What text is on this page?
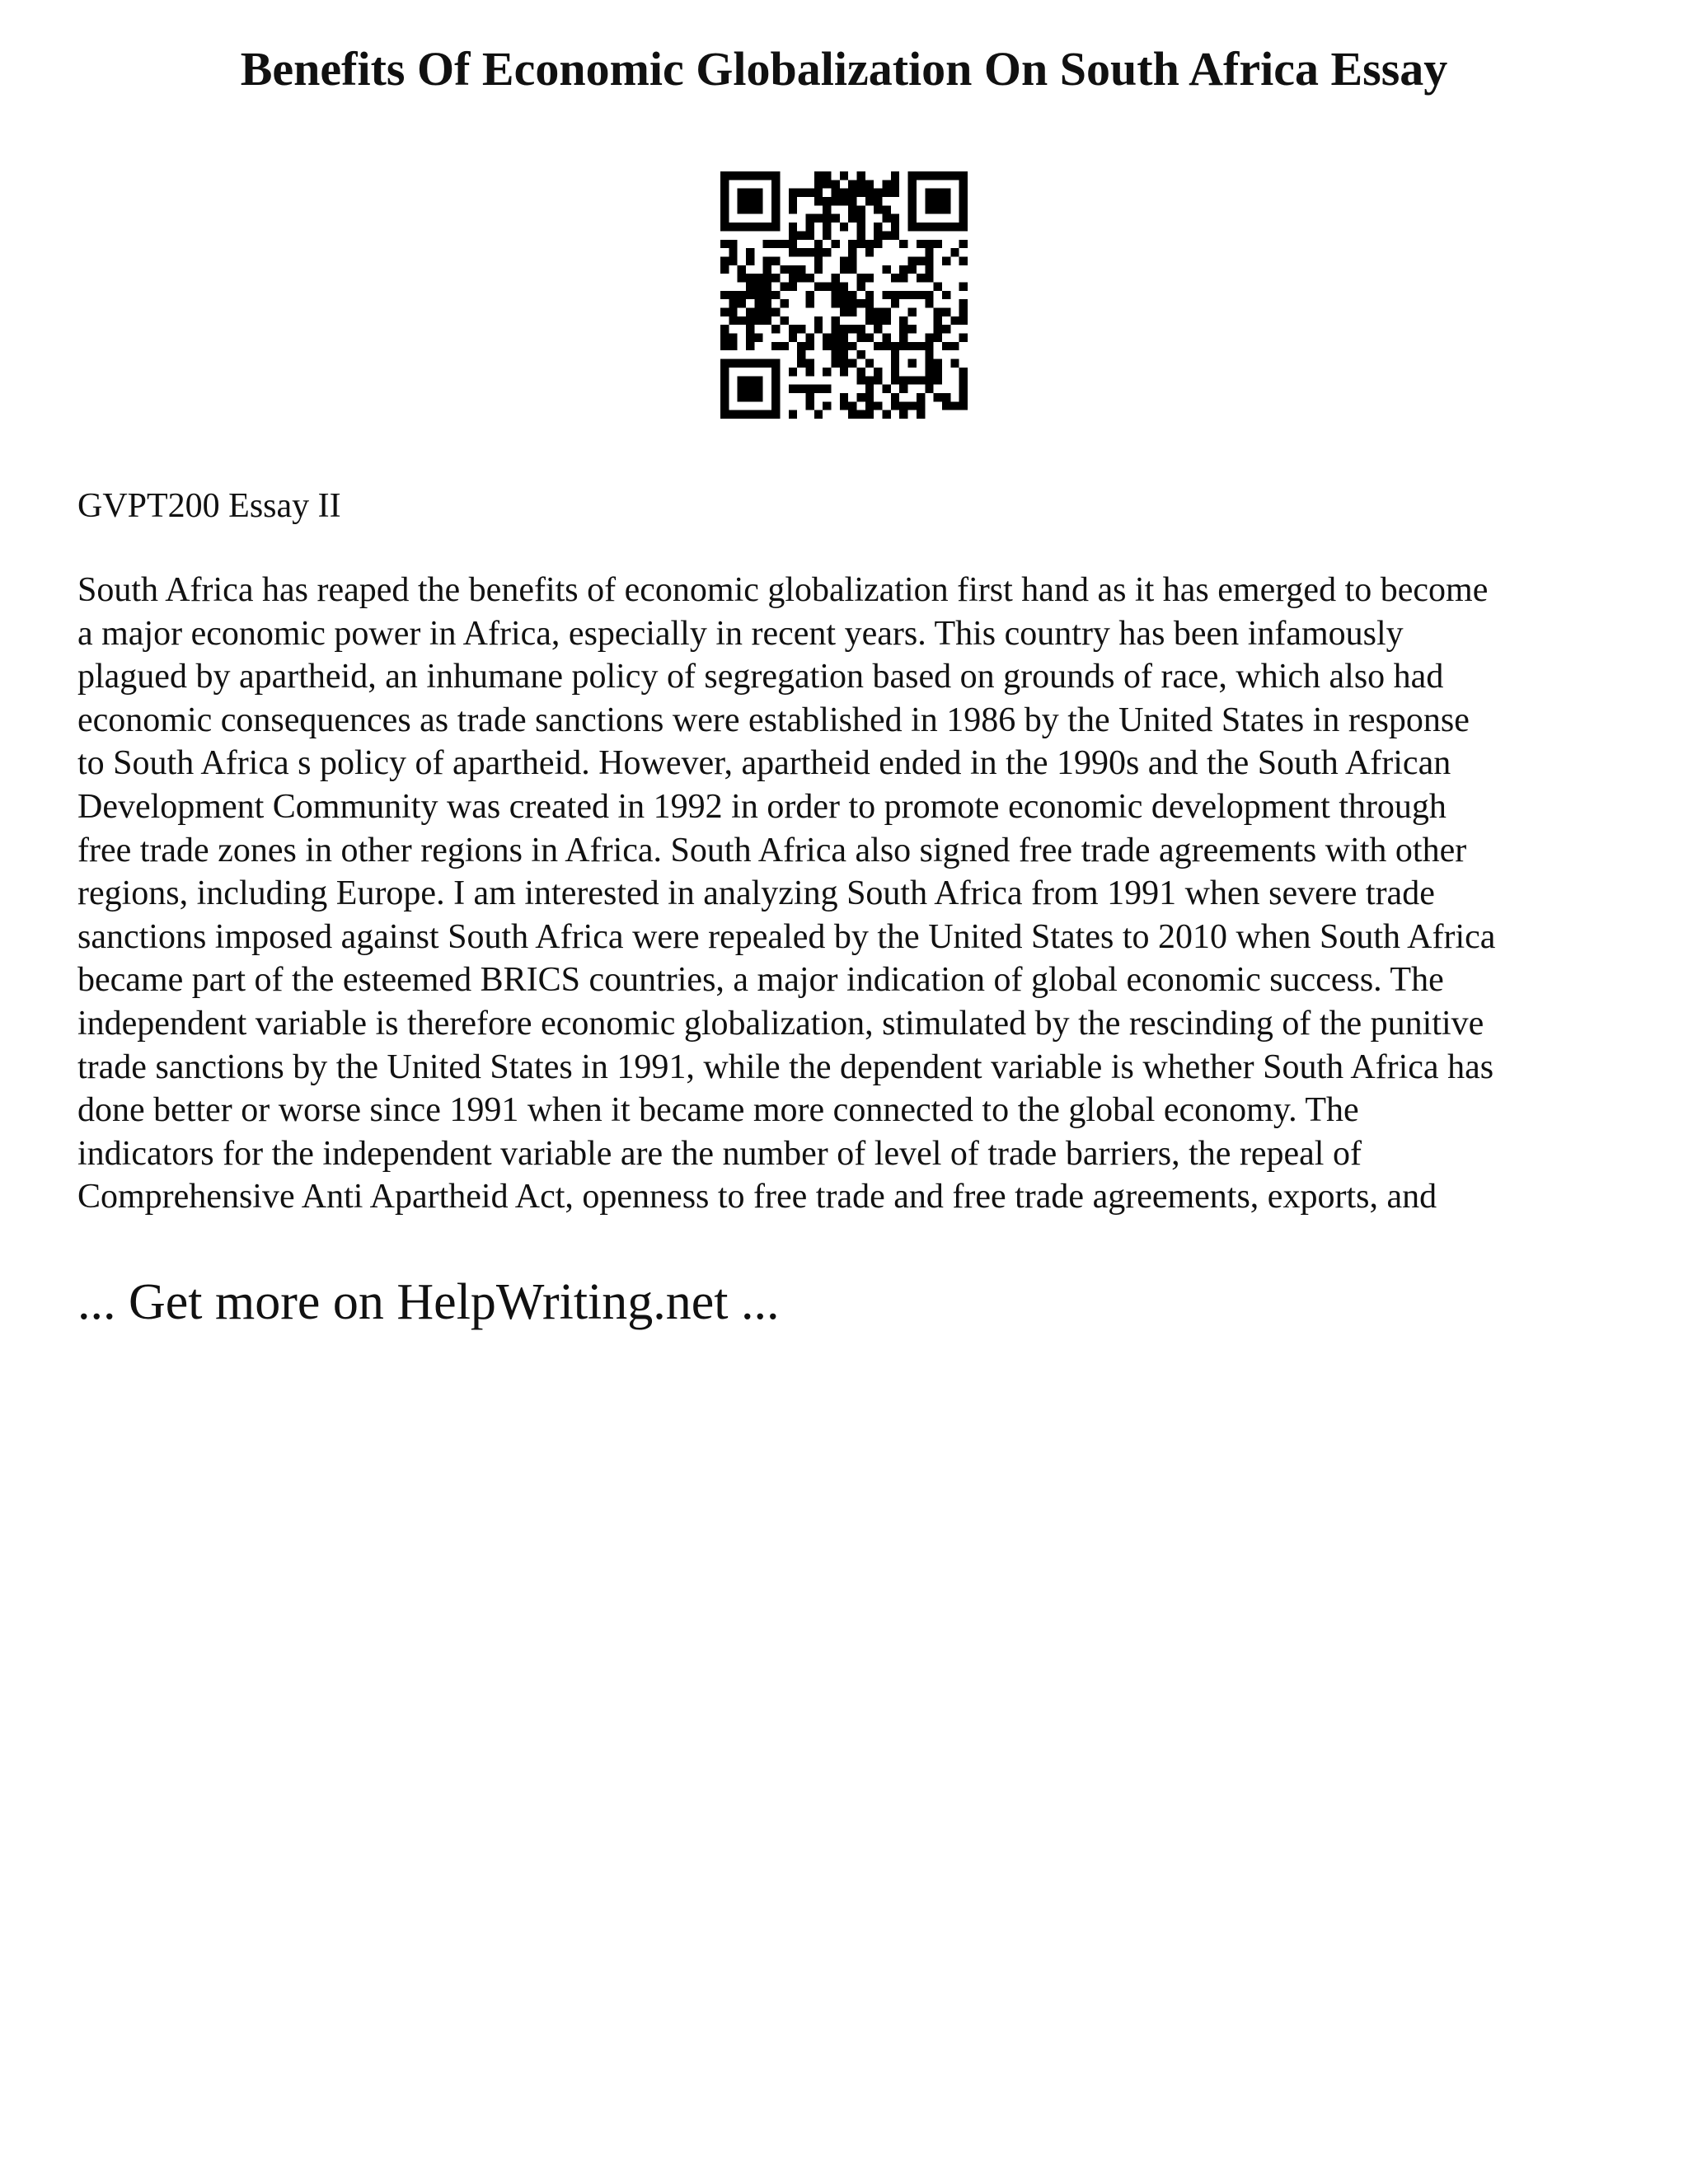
Benefits Of Economic Globalization On South Africa Essay

GVPT200 Essay II

South Africa has reaped the benefits of economic globalization first hand as it has emerged to become
a major economic power in Africa, especially in recent years. This country has been infamously
plagued by apartheid, an inhumane policy of segregation based on grounds of race, which also had
economic consequences as trade sanctions were established in 1986 by the United States in response
to South Africa s policy of apartheid. However, apartheid ended in the 1990s and the South African
Development Community was created in 1992 in order to promote economic development through
free trade zones in other regions in Africa. South Africa also signed free trade agreements with other
regions, including Europe. I am interested in analyzing South Africa from 1991 when severe trade
sanctions imposed against South Africa were repealed by the United States to 2010 when South Africa
became part of the esteemed BRICS countries, a major indication of global economic success. The
independent variable is therefore economic globalization, stimulated by the rescinding of the punitive
trade sanctions by the United States in 1991, while the dependent variable is whether South Africa has
done better or worse since 1991 when it became more connected to the global economy. The
indicators for the independent variable are the number of level of trade barriers, the repeal of
Comprehensive Anti Apartheid Act, openness to free trade and free trade agreements, exports, and
... Get more on HelpWriting.net ...
